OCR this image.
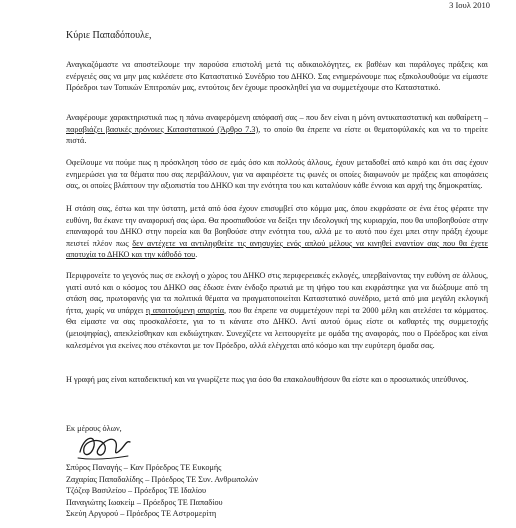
3 Ιουλ 2010
Κύριε Παπαδόπουλε,
Αναγκαζόμαστε να αποστείλουμε την παρούσα επιστολή μετά τις αδικαιολόγητες, εκ βαθέων και παράλογες πράξεις και ενέργειές σας να μην μας καλέσετε στο Καταστατικό Συνέδριο του ΔΗΚΟ. Σας ενημερώνουμε πως εξακολουθούμε να είμαστε Πρόεδροι των Τοπικών Επιτροπών μας, εντούτοις δεν έχουμε προσκληθεί για να συμμετέχουμε στο Καταστατικό.
Αναφέρουμε χαρακτηριστικά πως η πάνω αναφερόμενη απόφασή σας – που δεν είναι η μόνη αντικαταστατική και αυθαίρετη – παραβιάζει βασικές πρόνοιες Καταστατικού (Άρθρο 7.3), το οποίο θα έπρεπε να είστε οι θεματοφύλακές και να το τηρείτε πιστά.
Οφείλουμε να πούμε πως η πρόσκληση τόσο σε εμάς όσο και πολλούς άλλους, έχουν μεταδοθεί από καιρό και ότι σας έχουν ενημερώσει για τα θέματα που σας περιβάλλουν, για να αφαιρέσετε τις φωνές οι οποίες διαφωνούν με πράξεις και αποφάσεις σας, οι οποίες βλάπτουν την αξιοπιστία του ΔΗΚΟ και την ενότητα του και καταλύουν κάθε έννοια και αρχή της δημοκρατίας.
Η στάση σας, έστω και την ύστατη, μετά από όσα έχουν επισυμβεί στο κόμμα μας, όπου εκφράσατε σε ένα έτος φέρατε την ευθύνη, θα έκανε την αναφορική σας ώρα. Θα προσπαθούσε να δείξει την ιδεολογική της κυριαρχία, που θα υποβοηθούσε στην επαναφορά του ΔΗΚΟ στην πορεία και θα βοηθούσε στην ενότητα του, αλλά με το αυτό που έχει μπει στην πράξη έχουμε πειστεί πλέον πως δεν αντέχετε να αντιληφθείτε τις ανησυχίες ενός απλού μέλους να κινηθεί εναντίον σας που θα έχετε αποτυχία το ΔΗΚΟ και την κάθοδό του.
Περιφρονείτε το γεγονός πως σε εκλογή ο χώρος του ΔΗΚΟ στις περιφερειακές εκλογές, υπερβαίνοντας την ευθύνη σε άλλους, γιατί αυτό και ο κόσμος του ΔΗΚΟ σας έδωσε έναν ένδοξο πρωτιά με τη ψήφο του και εκφράστηκε για να διώξουμε από τη στάση σας, πρωτοφανής για τα πολιτικά θέματα να πραγματοποιείται Καταστατικό συνέδριο, μετά από μια μεγάλη εκλογική ήττα, χωρίς να υπάρχει η απαιτούμενη απαρτία, που θα έπρεπε να συμμετέχουν περί τα 2000 μέλη και ατελέσει τα κόμματος. Θα είμαστε να σας προσκαλέσετε, για το τι κάνατε στο ΔΗΚΟ. Αντί αυτού όμως είστε οι καθαρτές της συμμετοχής (μειοψηφίας), απεκλείσθηκαν και εκδιώχτηκαν. Συνεχίζετε να λειτουργείτε με ομάδα της αναφοράς, που ο Πρόεδρος και είναι καλεσμένοι για εκείνες που στέκονται με τον Πρόεδρο, αλλά ελέγχεται από κόσμο και την ευρύτερη όμαδα σας.
Η γραφή μας είναι καταδεικτική και να γνωρίζετε πως για όσο θα επακολουθήσουν θα είστε και ο προσωπικός υπεύθυνος.
Εκ μέρους όλων,
Σπύρος Παναγής – Καν Πρόεδρος ΤΕ Ευκομής
Ζαχαρίας Παπαδαλίδης – Πρόεδρος ΤΕ Συν. Ανθρωπολών
Τζόζεφ Βασιλείου – Πρόεδρος ΤΕ Ιδαλίου
Παναγιώτης Ιωακείμ – Πρόεδρος ΤΕ Παπαδίου
Σκεύη Αργυρού – Πρόεδρος ΤΕ Αστρομερίτη
